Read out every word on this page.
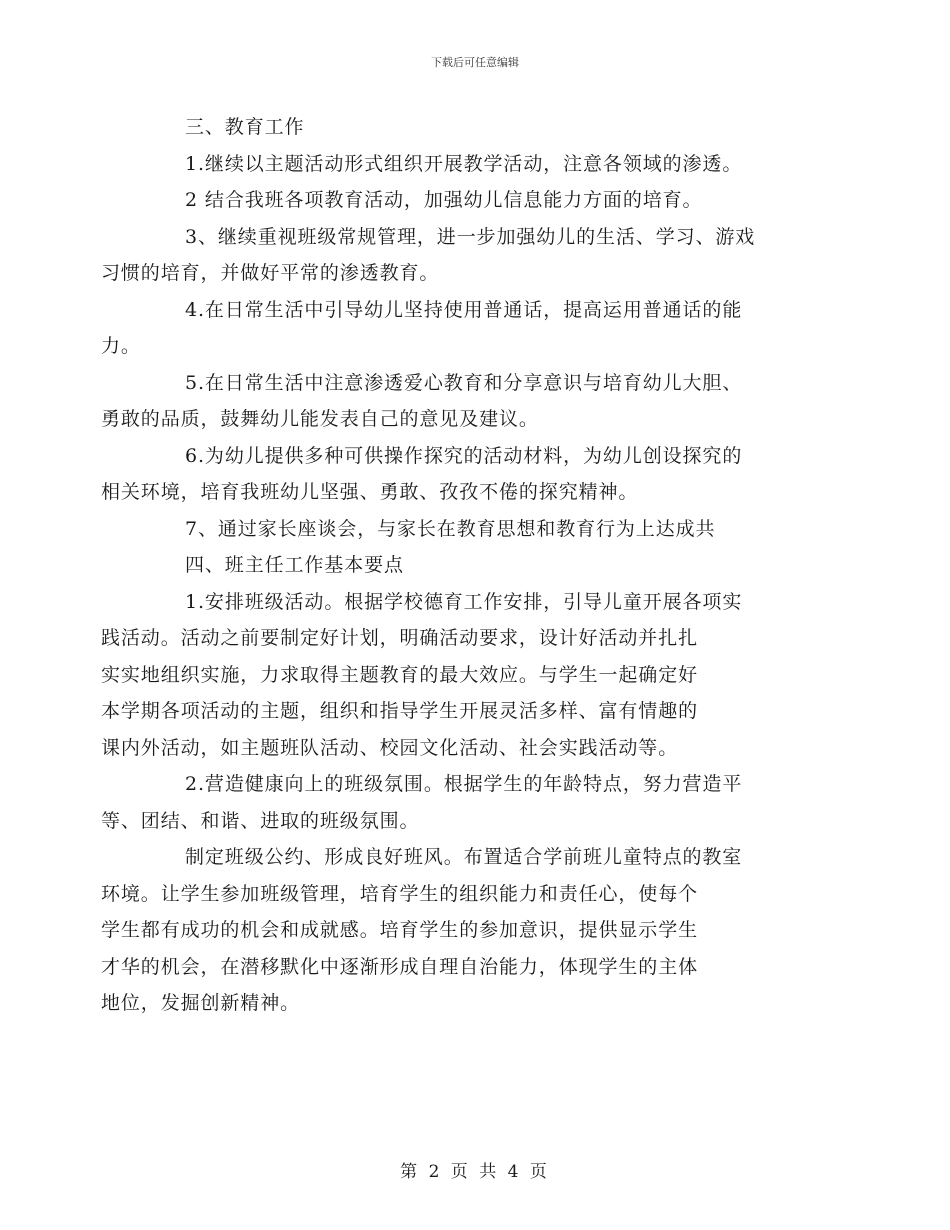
下载后可任意编辑

三、教育工作

1.继续以主题活动形式组织开展教学活动，注意各领域的渗透。

2 结合我班各项教育活动，加强幼儿信息能力方面的培育。

3、继续重视班级常规管理，进一步加强幼儿的生活、学习、游戏
习惯的培育，并做好平常的渗透教育。

4.在日常生活中引导幼儿坚持使用普通话，提高运用普通话的能
力。

5.在日常生活中注意渗透爱心教育和分享意识与培育幼儿大胆、
勇敢的品质，鼓舞幼儿能发表自己的意见及建议。

6.为幼儿提供多种可供操作探究的活动材料，为幼儿创设探究的
相关环境，培育我班幼儿坚强、勇敢、孜孜不倦的探究精神。

7、通过家长座谈会，与家长在教育思想和教育行为上达成共

四、班主任工作基本要点

1.安排班级活动。根据学校德育工作安排，引导儿童开展各项实
践活动。活动之前要制定好计划，明确活动要求，设计好活动并扎扎
实实地组织实施，力求取得主题教育的最大效应。与学生一起确定好
本学期各项活动的主题，组织和指导学生开展灵活多样、富有情趣的
课内外活动，如主题班队活动、校园文化活动、社会实践活动等。

2.营造健康向上的班级氛围。根据学生的年龄特点，努力营造平
等、团结、和谐、进取的班级氛围。

制定班级公约、形成良好班风。布置适合学前班儿童特点的教室
环境。让学生参加班级管理，培育学生的组织能力和责任心，使每个
学生都有成功的机会和成就感。培育学生的参加意识，提供显示学生
才华的机会，在潜移默化中逐渐形成自理自治能力，体现学生的主体
地位，发掘创新精神。

第 2 页 共 4 页
